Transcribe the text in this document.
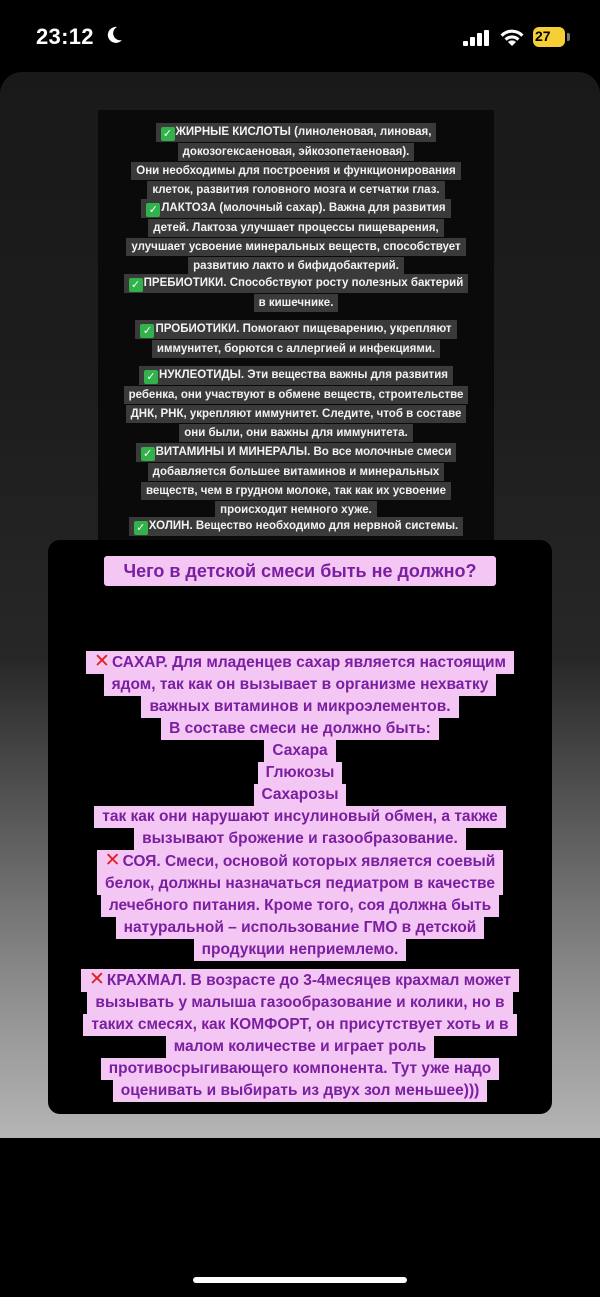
23:12	27
✓ ЖИРНЫЕ КИСЛОТЫ (линоленовая, линовая,
докозогексаеновая, эйкозопетаеновая).
Они необходимы для построения и функционирования
клеток, развития головного мозга и сетчатки глаз.
✓ ЛАКТОЗА (молочный сахар). Важна для развития
детей. Лактоза улучшает процессы пищеварения,
улучшает усвоение минеральных веществ, способствует
развитию лакто и бифидобактерий.
✓ ПРЕБИОТИКИ. Способствуют росту полезных бактерий
в кишечнике.
✓ ПРОБИОТИКИ. Помогают пищеварению, укрепляют
иммунитет, борются с аллергией и инфекциями.
✓ НУКЛЕОТИДЫ. Эти вещества важны для развития
ребенка, они участвуют в обмене веществ, строительстве
ДНК, РНК, укрепляют иммунитет. Следите, чтоб в составе
они были, они важны для иммунитета.
✓ ВИТАМИНЫ И МИНЕРАЛЫ. Во все молочные смеси
добавляется большее витаминов и минеральных
веществ, чем в грудном молоке, так как их усвоение
происходит немного хуже.
✓ ХОЛИН. Вещество необходимо для нервной системы.
Чего в детской смеси быть не должно?
✕ САХАР. Для младенцев сахар является настоящим
ядом, так как он вызывает в организме нехватку
важных витаминов и микроэлементов.
В составе смеси не должно быть:
Сахара
Глюкозы
Сахарозы
так как они нарушают инсулиновый обмен, а также
вызывают брожение и газообразование.
✕ СОЯ. Смеси, основой которых является соевый
белок, должны назначаться педиатром в качестве
лечебного питания. Кроме того, соя должна быть
натуральной – использование ГМО в детской
продукции неприемлемо.
✕ КРАХМАЛ. В возрасте до 3-4месяцев крахмал может
вызывать у малыша газообразование и колики, но в
таких смесях, как КОМФОРТ, он присутствует хоть и в
малом количестве и играет роль
противосрыгивающего компонента. Тут уже надо
оценивать и выбирать из двух зол меньшее)))
